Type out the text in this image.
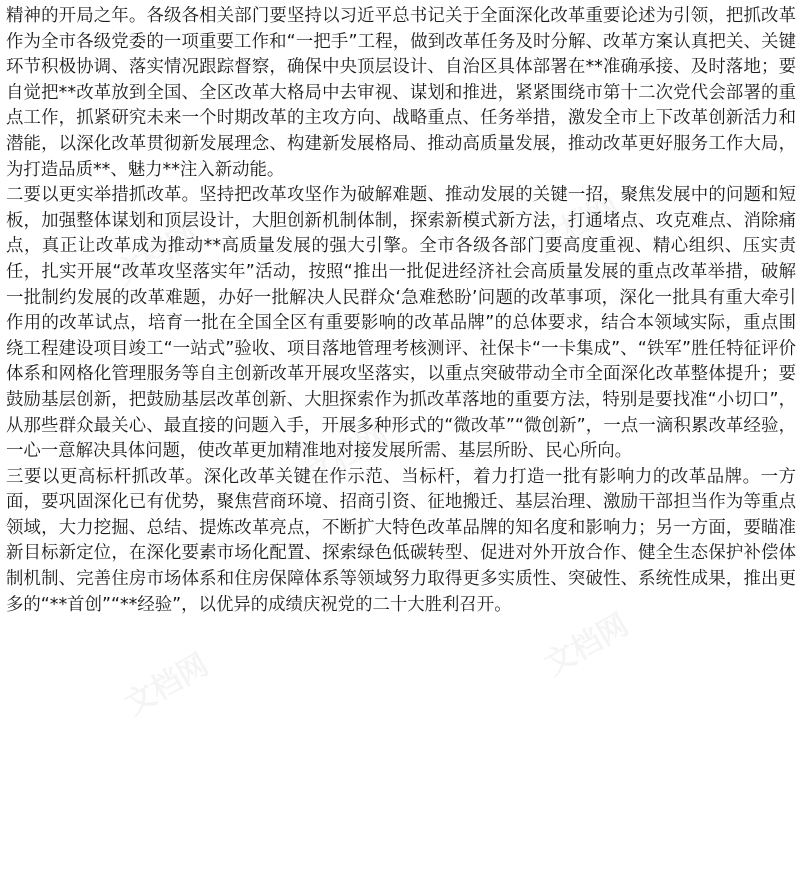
文档网	文档网
文档网
文档网
文档网

精神的开局之年。各级各相关部门要坚持以习近平总书记关于全面深化改革重要论述为引领，把抓改革作为全市各级党委的一项重要工作和“一把手”工程，做到改革任务及时分解、改革方案认真把关、关键环节积极协调、落实情况跟踪督察，确保中央顶层设计、自治区具体部署在**准确承接、及时落地；要自觉把**改革放到全国、全区改革大格局中去审视、谋划和推进，紧紧围绕市第十二次党代会部署的重点工作，抓紧研究未来一个时期改革的主攻方向、战略重点、任务举措，激发全市上下改革创新活力和潜能，以深化改革贯彻新发展理念、构建新发展格局、推动高质量发展，推动改革更好服务工作大局，为打造品质**、魅力**注入新动能。

二要以更实举措抓改革。坚持把改革攻坚作为破解难题、推动发展的关键一招，聚焦发展中的问题和短板，加强整体谋划和顶层设计，大胆创新机制体制，探索新模式新方法，打通堵点、攻克难点、消除痛点，真正让改革成为推动**高质量发展的强大引擎。全市各级各部门要高度重视、精心组织、压实责任，扎实开展“改革攻坚落实年”活动，按照“推出一批促进经济社会高质量发展的重点改革举措，破解一批制约发展的改革难题，办好一批解决人民群众‘急难愁盼’问题的改革事项，深化一批具有重大牵引作用的改革试点，培育一批在全国全区有重要影响的改革品牌”的总体要求，结合本领域实际，重点围绕工程建设项目竣工“一站式”验收、项目落地管理考核测评、社保卡“一卡集成”、“铁军”胜任特征评价体系和网格化管理服务等自主创新改革开展攻坚落实，以重点突破带动全市全面深化改革整体提升；要鼓励基层创新，把鼓励基层改革创新、大胆探索作为抓改革落地的重要方法，特别是要找准“小切口”，从那些群众最关心、最直接的问题入手，开展多种形式的“微改革”“微创新”，一点一滴积累改革经验，一心一意解决具体问题，使改革更加精准地对接发展所需、基层所盼、民心所向。

三要以更高标杆抓改革。深化改革关键在作示范、当标杆，着力打造一批有影响力的改革品牌。一方面，要巩固深化已有优势，聚焦营商环境、招商引资、征地搬迁、基层治理、激励干部担当作为等重点领域，大力挖掘、总结、提炼改革亮点，不断扩大特色改革品牌的知名度和影响力；另一方面，要瞄准新目标新定位，在深化要素市场化配置、探索绿色低碳转型、促进对外开放合作、健全生态保护补偿体制机制、完善住房市场体系和住房保障体系等领域努力取得更多实质性、突破性、系统性成果，推出更多的“**首创”“**经验”，以优异的成绩庆祝党的二十大胜利召开。
